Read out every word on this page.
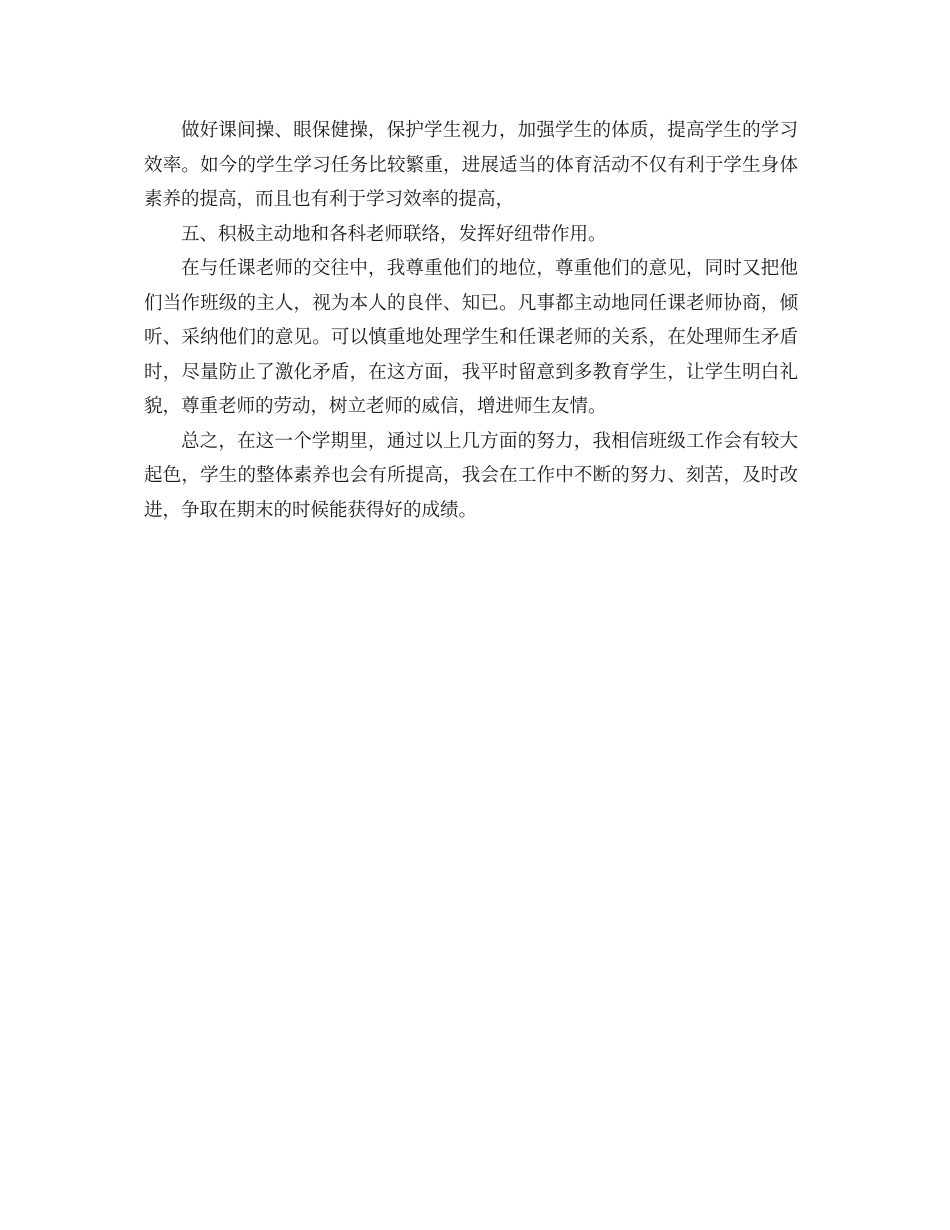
做好课间操、眼保健操，保护学生视力，加强学生的体质，提高学生的学习效率。如今的学生学习任务比较繁重，进展适当的体育活动不仅有利于学生身体素养的提高，而且也有利于学习效率的提高，

五、积极主动地和各科老师联络，发挥好纽带作用。

在与任课老师的交往中，我尊重他们的地位，尊重他们的意见，同时又把他们当作班级的主人，视为本人的良伴、知已。凡事都主动地同任课老师协商，倾听、采纳他们的意见。可以慎重地处理学生和任课老师的关系，在处理师生矛盾时，尽量防止了激化矛盾，在这方面，我平时留意到多教育学生，让学生明白礼貌，尊重老师的劳动，树立老师的威信，增进师生友情。

总之，在这一个学期里，通过以上几方面的努力，我相信班级工作会有较大起色，学生的整体素养也会有所提高，我会在工作中不断的努力、刻苦，及时改进，争取在期末的时候能获得好的成绩。
